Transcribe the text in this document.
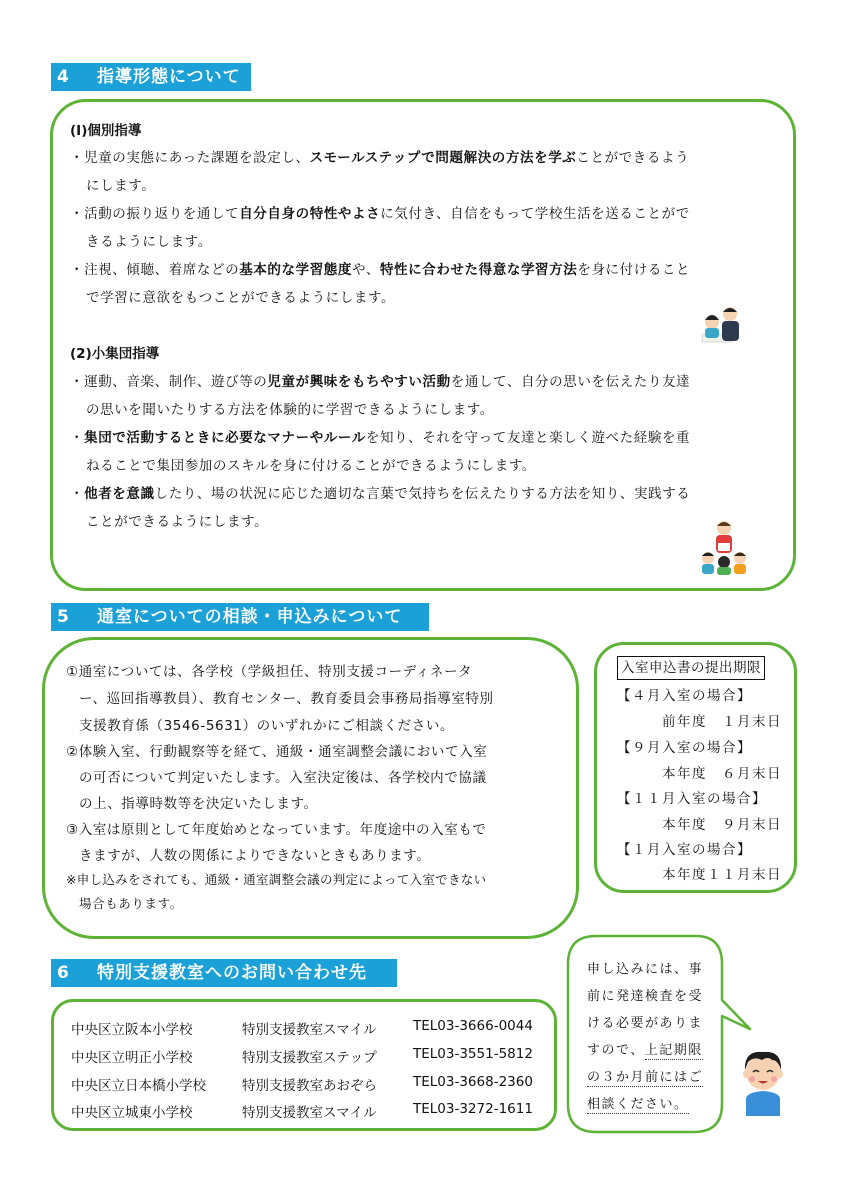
4 指導形態について
(Ⅰ)個別指導
・児童の実態にあった課題を設定し、スモールステップで問題解決の方法を学ぶことができるよう
にします。
・活動の振り返りを通して自分自身の特性やよさに気付き、自信をもって学校生活を送ることがで
きるようにします。
・注視、傾聴、着席などの基本的な学習態度や、特性に合わせた得意な学習方法を身に付けること
で学習に意欲をもつことができるようにします。
(2)小集団指導
・運動、音楽、制作、遊び等の児童が興味をもちやすい活動を通して、自分の思いを伝えたり友達
の思いを聞いたりする方法を体験的に学習できるようにします。
・集団で活動するときに必要なマナーやルールを知り、それを守って友達と楽しく遊べた経験を重
ねることで集団参加のスキルを身に付けることができるようにします。
・他者を意識したり、場の状況に応じた適切な言葉で気持ちを伝えたりする方法を知り、実践する
ことができるようにします。
5 通室についての相談・申込みについて
①通室については、各学校（学級担任、特別支援コーディネータ
ー、巡回指導教員）、教育センター、教育委員会事務局指導室特別
支援教育係（3546-5631）のいずれかにご相談ください。
②体験入室、行動観察等を経て、通級・通室調整会議において入室
の可否について判定いたします。入室決定後は、各学校内で協議
の上、指導時数等を決定いたします。
③入室は原則として年度始めとなっています。年度途中の入室もで
きますが、人数の関係によりできないときもあります。
※申し込みをされても、通級・通室調整会議の判定によって入室できない
場合もあります。
入室申込書の提出期限
【４月入室の場合】
前年度　１月末日
【９月入室の場合】
本年度　６月末日
【１１月入室の場合】
本年度　９月末日
【１月入室の場合】
本年度１１月末日
6 特別支援教室へのお問い合わせ先
中央区立阪本小学校	特別支援教室スマイル	TEL03-3666-0044
中央区立明正小学校	特別支援教室ステップ	TEL03-3551-5812
中央区立日本橋小学校	特別支援教室あおぞら	TEL03-3668-2360
中央区立城東小学校	特別支援教室スマイル	TEL03-3272-1611
申し込みには、事
前に発達検査を受
ける必要がありま
すので、上記期限
の３か月前にはご
相談ください。
